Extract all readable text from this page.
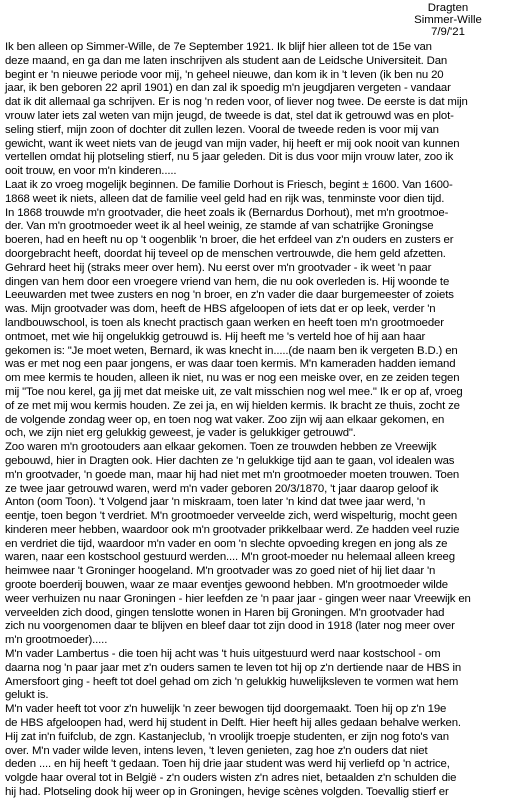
Dragten
Simmer-Wille
7/9/'21
Ik ben alleen op Simmer-Wille, de 7e September 1921. Ik blijf hier alleen tot de 15e van
deze maand, en ga dan me laten inschrijven als student aan de Leidsche Universiteit. Dan
begint er 'n nieuwe periode voor mij, 'n geheel nieuwe, dan kom ik in 't leven (ik ben nu 20
jaar, ik ben geboren 22 april 1901) en dan zal ik spoedig m'n jeugdjaren vergeten - vandaar
dat ik dit allemaal ga schrijven. Er is nog 'n reden voor, of liever nog twee. De eerste is dat mijn
vrouw later iets zal weten van mijn jeugd, de tweede is dat, stel dat ik getrouwd was en plot-
seling stierf, mijn zoon of dochter dit zullen lezen. Vooral de tweede reden is voor mij van
gewicht, want ik weet niets van de jeugd van mijn vader, hij heeft er mij ook nooit van kunnen
vertellen omdat hij plotseling stierf, nu 5 jaar geleden. Dit is dus voor mijn vrouw later, zoo ik
ooit trouw, en voor m'n kinderen.....
Laat ik zo vroeg mogelijk beginnen. De familie Dorhout is Friesch, begint ± 1600. Van 1600-
1868 weet ik niets, alleen dat de familie veel geld had en rijk was, tenminste voor dien tijd.
In 1868 trouwde m'n grootvader, die heet zoals ik (Bernardus Dorhout), met m'n grootmoe-
der. Van m'n grootmoeder weet ik al heel weinig, ze stamde af van schatrijke Groningse
boeren, had en heeft nu op 't oogenblik 'n broer, die het erfdeel van z'n ouders en zusters er
doorgebracht heeft, doordat hij teveel op de menschen vertrouwde, die hem geld afzetten.
Gehrard heet hij (straks meer over hem). Nu eerst over m'n grootvader - ik weet 'n paar
dingen van hem door een vroegere vriend van hem, die nu ook overleden is. Hij woonde te
Leeuwarden met twee zusters en nog 'n broer, en z'n vader die daar burgemeester of zoiets
was. Mijn grootvader was dom, heeft de HBS afgeloopen of iets dat er op leek, verder 'n
landbouwschool, is toen als knecht practisch gaan werken en heeft toen m'n grootmoeder
ontmoet, met wie hij ongelukkig getrouwd is. Hij heeft me 's verteld hoe of hij aan haar
gekomen is: "Je moet weten, Bernard, ik was knecht in.....(de naam ben ik vergeten B.D.) en
was er met nog een paar jongens, er was daar toen kermis. M'n kameraden hadden iemand
om mee kermis te houden, alleen ik niet, nu was er nog een meiske over, en ze zeiden tegen
mij "Toe nou kerel, ga jij met dat meiske uit, ze valt misschien nog wel mee." Ik er op af, vroeg
of ze met mij wou kermis houden. Ze zei ja, en wij hielden kermis. Ik bracht ze thuis, zocht ze
de volgende zondag weer op, en toen nog wat vaker. Zoo zijn wij aan elkaar gekomen, en
och, we zijn niet erg gelukkig geweest, je vader is gelukkiger getrouwd".
Zoo waren m'n grootouders aan elkaar gekomen. Toen ze trouwden hebben ze Vreewijk
gebouwd, hier in Dragten ook. Hier dachten ze 'n gelukkige tijd aan te gaan, vol idealen was
m'n grootvader, 'n goede man, maar hij had niet met m'n grootmoeder moeten trouwen. Toen
ze twee jaar getrouwd waren, werd m'n vader geboren 20/3/1870, 't jaar daarop geloof ik
Anton (oom Toon). 't Volgend jaar 'n miskraam, toen later 'n kind dat twee jaar werd, 'n
eentje, toen begon 't verdriet. M'n grootmoeder verveelde zich, werd wispelturig, mocht geen
kinderen meer hebben, waardoor ook m'n grootvader prikkelbaar werd. Ze hadden veel ruzie
en verdriet die tijd, waardoor m'n vader en oom 'n slechte opvoeding kregen en jong als ze
waren, naar een kostschool gestuurd werden.... M'n groot-moeder nu helemaal alleen kreeg
heimwee naar 't Groninger hoogeland. M'n grootvader was zo goed niet of hij liet daar 'n
groote boerderij bouwen, waar ze maar eventjes gewoond hebben. M'n grootmoeder wilde
weer verhuizen nu naar Groningen - hier leefden ze 'n paar jaar - gingen weer naar Vreewijk en
verveelden zich dood, gingen tenslotte wonen in Haren bij Groningen. M'n grootvader had
zich nu voorgenomen daar te blijven en bleef daar tot zijn dood in 1918 (later nog meer over
m'n grootmoeder).....
M'n vader Lambertus - die toen hij acht was 't huis uitgestuurd werd naar kostschool - om
daarna nog 'n paar jaar met z'n ouders samen te leven tot hij op z'n dertiende naar de HBS in
Amersfoort ging - heeft tot doel gehad om zich 'n gelukkig huwelijksleven te vormen wat hem
gelukt is.
M'n vader heeft tot voor z'n huwelijk 'n zeer bewogen tijd doorgemaakt. Toen hij op z'n 19e
de HBS afgeloopen had, werd hij student in Delft. Hier heeft hij alles gedaan behalve werken.
Hij zat in'n fuifclub, de zgn. Kastanjeclub, 'n vroolijk troepje studenten, er zijn nog foto's van
over. M'n vader wilde leven, intens leven, 't leven genieten, zag hoe z'n ouders dat niet
deden .... en hij heeft 't gedaan. Toen hij drie jaar student was werd hij verliefd op 'n actrice,
volgde haar overal tot in België - z'n ouders wisten z'n adres niet, betaalden z'n schulden die
hij had. Plotseling dook hij weer op in Groningen, hevige scènes volgden. Toevallig stierf er
